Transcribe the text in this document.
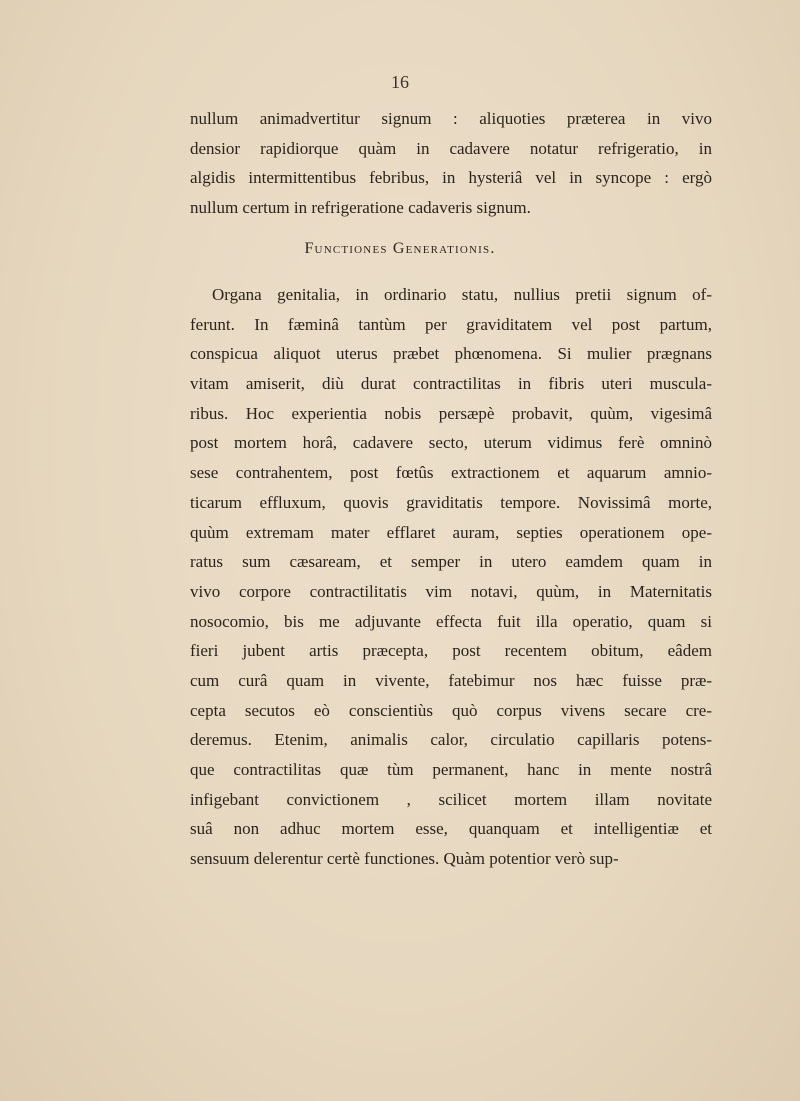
16
nullum animadvertitur signum : aliquoties præterea in vivo
densior rapidiorque quàm in cadavere notatur refrigeratio, in
algidis intermittentibus febribus, in hysteriâ vel in syncope : ergò
nullum certum in refrigeratione cadaveris signum.
Functiones Generationis.
Organa genitalia, in ordinario statu, nullius pretii signum of-
ferunt. In fæminâ tantùm per graviditatem vel post partum,
conspicua aliquot uterus præbet phœnomena. Si mulier prægnans
vitam amiserit, diù durat contractilitas in fibris uteri muscula-
ribus. Hoc experientia nobis persæpè probavit, quùm, vigesimâ
post mortem horâ, cadavere secto, uterum vidimus ferè omninò
sese contrahentem, post fœtûs extractionem et aquarum amnio-
ticarum effluxum, quovis graviditatis tempore. Novissimâ morte,
quùm extremam mater efflaret auram, septies operationem ope-
ratus sum cæsaream, et semper in utero eamdem quam in
vivo corpore contractilitatis vim notavi, quùm, in Maternitatis
nosocomio, bis me adjuvante effecta fuit illa operatio, quam si
fieri jubent artis præcepta, post recentem obitum, eâdem
cum curâ quam in vivente, fatebimur nos hæc fuisse præ-
cepta secutos eò conscientiùs quò corpus vivens secare cre-
deremus. Etenim, animalis calor, circulatio capillaris potens-
que contractilitas quæ tùm permanent, hanc in mente nostrâ
infigebant convictionem , scilicet mortem illam novitate
suâ non adhuc mortem esse, quanquam et intelligentiæ et
sensuum delerentur certè functiones. Quàm potentior verò sup-
